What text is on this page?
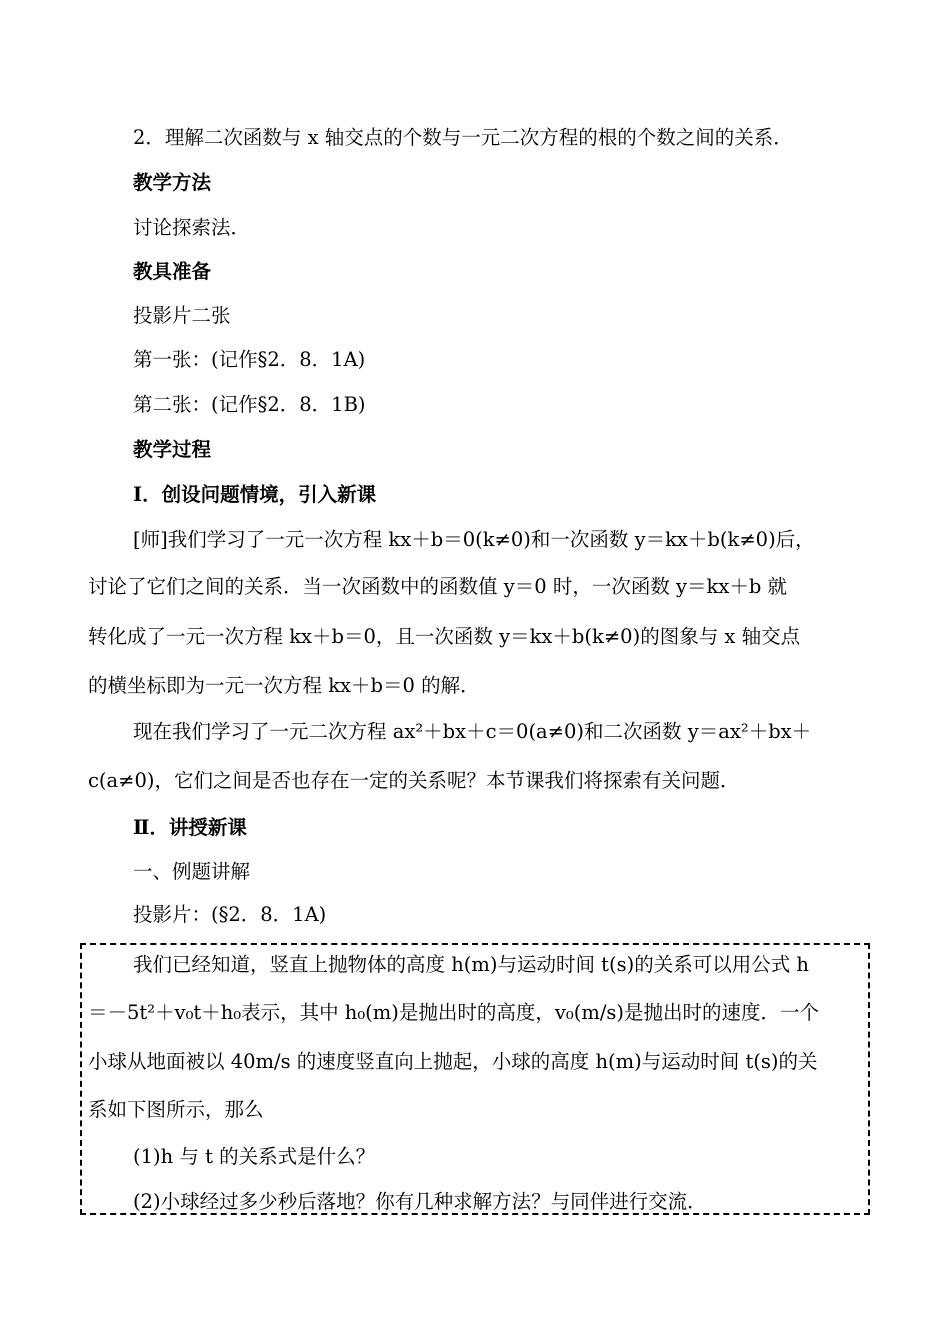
2．理解二次函数与 x 轴交点的个数与一元二次方程的根的个数之间的关系．
教学方法
讨论探索法．
教具准备
投影片二张
第一张：(记作§2．8．1A)
第二张：(记作§2．8．1B)
教学过程
Ⅰ．创设问题情境，引入新课
[师]我们学习了一元一次方程 kx＋b＝0(k≠0)和一次函数 y＝kx＋b(k≠0)后，
讨论了它们之间的关系．当一次函数中的函数值 y＝0 时，一次函数 y＝kx＋b 就
转化成了一元一次方程 kx＋b＝0，且一次函数 y＝kx＋b(k≠0)的图象与 x 轴交点
的横坐标即为一元一次方程 kx＋b＝0 的解．
现在我们学习了一元二次方程 ax²＋bx＋c＝0(a≠0)和二次函数 y＝ax²＋bx＋
c(a≠0)，它们之间是否也存在一定的关系呢？本节课我们将探索有关问题．
Ⅱ．讲授新课
一、例题讲解
投影片：(§2．8．1A)
我们已经知道，竖直上抛物体的高度 h(m)与运动时间 t(s)的关系可以用公式 h
＝－5t²＋v₀t＋h₀表示，其中 h₀(m)是抛出时的高度，v₀(m/s)是抛出时的速度．一个
小球从地面被以 40m/s 的速度竖直向上抛起，小球的高度 h(m)与运动时间 t(s)的关
系如下图所示，那么
(1)h 与 t 的关系式是什么？
(2)小球经过多少秒后落地？你有几种求解方法？与同伴进行交流．
